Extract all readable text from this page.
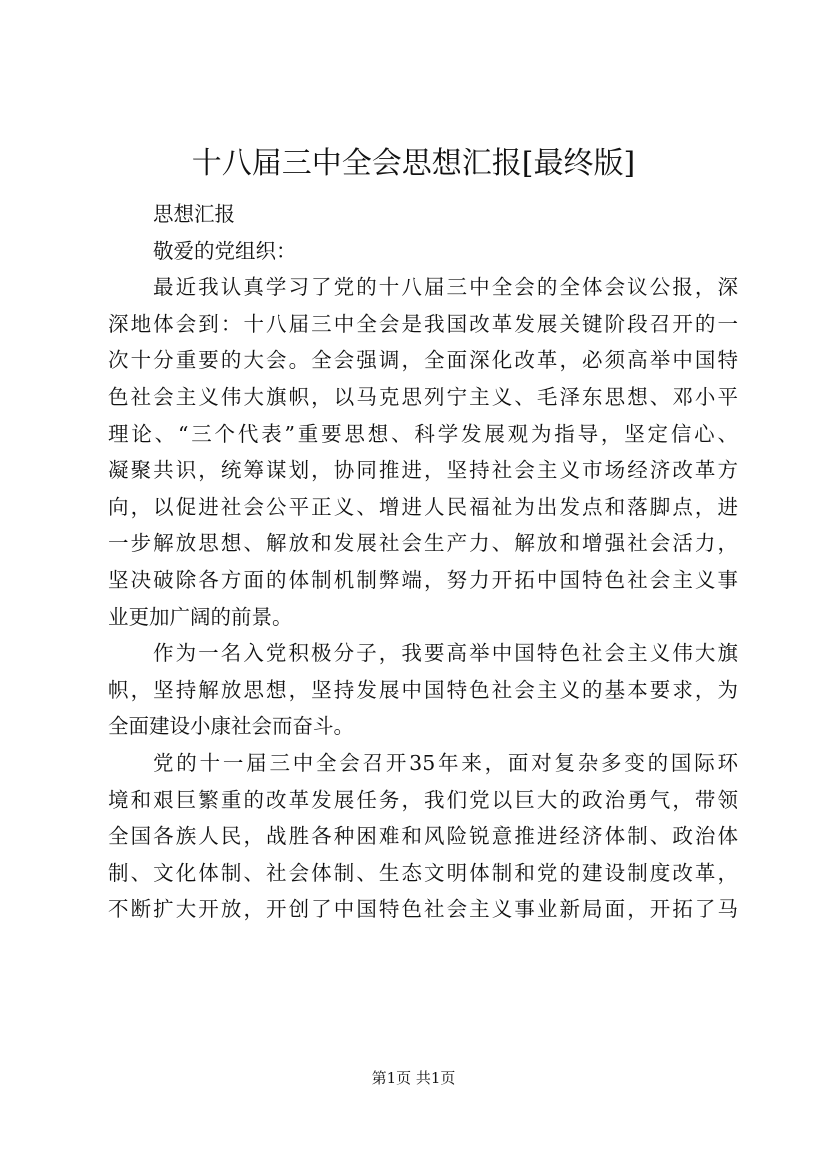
十八届三中全会思想汇报[最终版]
思想汇报
敬爱的党组织：
最近我认真学习了党的十八届三中全会的全体会议公报，深
深地体会到：十八届三中全会是我国改革发展关键阶段召开的一
次十分重要的大会。全会强调，全面深化改革，必须高举中国特
色社会主义伟大旗帜，以马克思列宁主义、毛泽东思想、邓小平
理论、“三个代表”重要思想、科学发展观为指导，坚定信心、
凝聚共识，统筹谋划，协同推进，坚持社会主义市场经济改革方
向，以促进社会公平正义、增进人民福祉为出发点和落脚点，进
一步解放思想、解放和发展社会生产力、解放和增强社会活力，
坚决破除各方面的体制机制弊端，努力开拓中国特色社会主义事
业更加广阔的前景。
作为一名入党积极分子，我要高举中国特色社会主义伟大旗
帜，坚持解放思想，坚持发展中国特色社会主义的基本要求，为
全面建设小康社会而奋斗。
党的十一届三中全会召开35年来，面对复杂多变的国际环
境和艰巨繁重的改革发展任务，我们党以巨大的政治勇气，带领
全国各族人民，战胜各种困难和风险锐意推进经济体制、政治体
制、文化体制、社会体制、生态文明体制和党的建设制度改革，
不断扩大开放，开创了中国特色社会主义事业新局面，开拓了马
第1页 共1页
